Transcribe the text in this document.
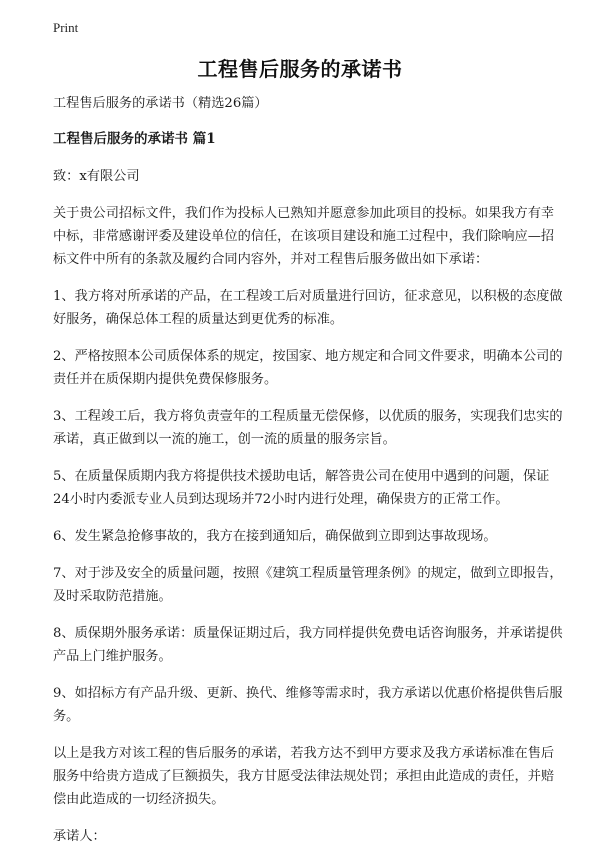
Print
工程售后服务的承诺书

工程售后服务的承诺书（精选26篇）

工程售后服务的承诺书 篇1

致：x有限公司

关于贵公司招标文件，我们作为投标人已熟知并愿意参加此项目的投标。如果我方有幸中标，非常感谢评委及建设单位的信任，在该项目建设和施工过程中，我们除响应—招标文件中所有的条款及履约合同内容外，并对工程售后服务做出如下承诺：

1、我方将对所承诺的产品，在工程竣工后对质量进行回访，征求意见，以积极的态度做好服务，确保总体工程的质量达到更优秀的标准。

2、严格按照本公司质保体系的规定，按国家、地方规定和合同文件要求，明确本公司的责任并在质保期内提供免费保修服务。

3、工程竣工后，我方将负责壹年的工程质量无偿保修，以优质的服务，实现我们忠实的承诺，真正做到以一流的施工，创一流的质量的服务宗旨。

5、在质量保质期内我方将提供技术援助电话，解答贵公司在使用中遇到的问题，保证24小时内委派专业人员到达现场并72小时内进行处理，确保贵方的正常工作。

6、发生紧急抢修事故的，我方在接到通知后，确保做到立即到达事故现场。

7、对于涉及安全的质量问题，按照《建筑工程质量管理条例》的规定，做到立即报告，及时采取防范措施。

8、质保期外服务承诺：质量保证期过后，我方同样提供免费电话咨询服务，并承诺提供产品上门维护服务。

9、如招标方有产品升级、更新、换代、维修等需求时，我方承诺以优惠价格提供售后服务。

以上是我方对该工程的售后服务的承诺，若我方达不到甲方要求及我方承诺标准在售后服务中给贵方造成了巨额损失，我方甘愿受法律法规处罚；承担由此造成的责任，并赔偿由此造成的一切经济损失。

承诺人：
